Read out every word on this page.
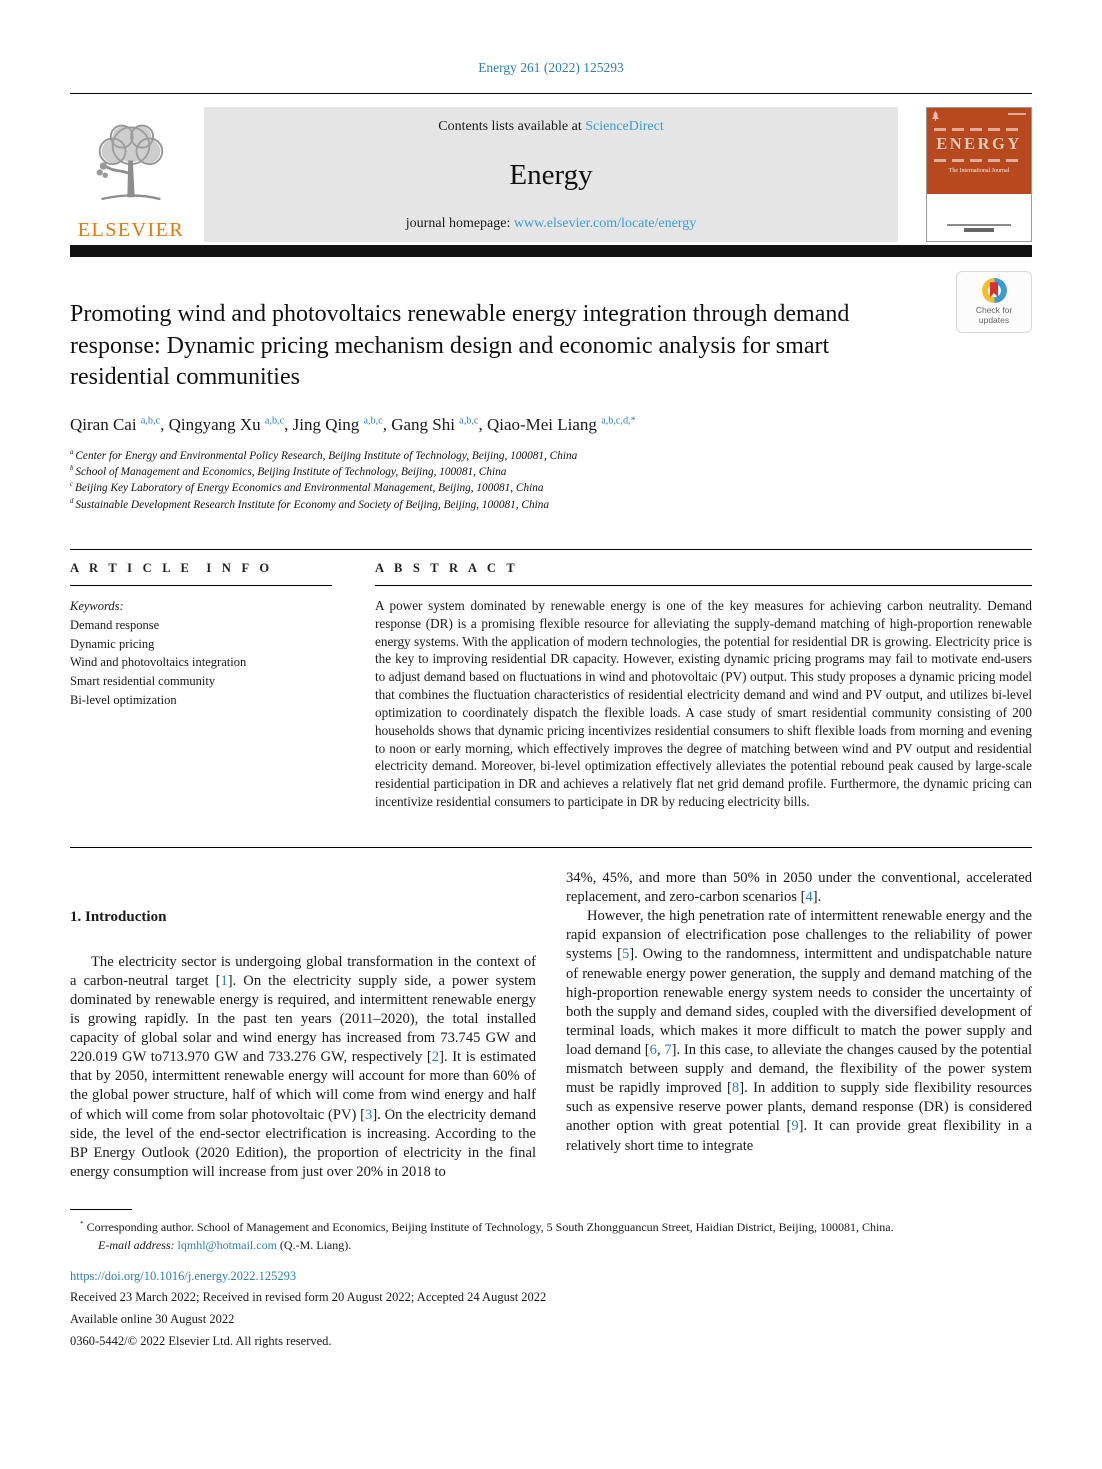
Energy 261 (2022) 125293
ELSEVIER
Contents lists available at ScienceDirect
Energy
journal homepage: www.elsevier.com/locate/energy
ENERGY
The International Journal
Promoting wind and photovoltaics renewable energy integration through demand response: Dynamic pricing mechanism design and economic analysis for smart residential communities
Check for updates
Qiran Cai $^{a,b,c}$, Qingyang Xu $^{a,b,c}$, Jing Qing $^{a,b,c}$, Gang Shi $^{a,b,c}$, Qiao-Mei Liang $^{a,b,c,d,*}$
$^a$ Center for Energy and Environmental Policy Research, Beijing Institute of Technology, Beijing, 100081, China
$^b$ School of Management and Economics, Beijing Institute of Technology, Beijing, 100081, China
$^c$ Beijing Key Laboratory of Energy Economics and Environmental Management, Beijing, 100081, China
$^d$ Sustainable Development Research Institute for Economy and Society of Beijing, Beijing, 100081, China
A R T I C L E  I N F O
Keywords:
Demand response
Dynamic pricing
Wind and photovoltaics integration
Smart residential community
Bi-level optimization
A B S T R A C T
A power system dominated by renewable energy is one of the key measures for achieving carbon neutrality. Demand response (DR) is a promising flexible resource for alleviating the supply-demand matching of high-proportion renewable energy systems. With the application of modern technologies, the potential for residential DR is growing. Electricity price is the key to improving residential DR capacity. However, existing dynamic pricing programs may fail to motivate end-users to adjust demand based on fluctuations in wind and photovoltaic (PV) output. This study proposes a dynamic pricing model that combines the fluctuation characteristics of residential electricity demand and wind and PV output, and utilizes bi-level optimization to coordinately dispatch the flexible loads. A case study of smart residential community consisting of 200 households shows that dynamic pricing incentivizes residential consumers to shift flexible loads from morning and evening to noon or early morning, which effectively improves the degree of matching between wind and PV output and residential electricity demand. Moreover, bi-level optimization effectively alleviates the potential rebound peak caused by large-scale residential participation in DR and achieves a relatively flat net grid demand profile. Furthermore, the dynamic pricing can incentivize residential consumers to participate in DR by reducing electricity bills.
1. Introduction

The electricity sector is undergoing global transformation in the context of a carbon-neutral target [1]. On the electricity supply side, a power system dominated by renewable energy is required, and intermittent renewable energy is growing rapidly. In the past ten years (2011–2020), the total installed capacity of global solar and wind energy has increased from 73.745 GW and 220.019 GW to713.970 GW and 733.276 GW, respectively [2]. It is estimated that by 2050, intermittent renewable energy will account for more than 60% of the global power structure, half of which will come from wind energy and half of which will come from solar photovoltaic (PV) [3]. On the electricity demand side, the level of the end-sector electrification is increasing. According to the BP Energy Outlook (2020 Edition), the proportion of electricity in the final energy consumption will increase from just over 20% in 2018 to

34%, 45%, and more than 50% in 2050 under the conventional, accelerated replacement, and zero-carbon scenarios [4].

However, the high penetration rate of intermittent renewable energy and the rapid expansion of electrification pose challenges to the reliability of power systems [5]. Owing to the randomness, intermittent and undispatchable nature of renewable energy power generation, the supply and demand matching of the high-proportion renewable energy system needs to consider the uncertainty of both the supply and demand sides, coupled with the diversified development of terminal loads, which makes it more difficult to match the power supply and load demand [6, 7]. In this case, to alleviate the changes caused by the potential mismatch between supply and demand, the flexibility of the power system must be rapidly improved [8]. In addition to supply side flexibility resources such as expensive reserve power plants, demand response (DR) is considered another option with great potential [9]. It can provide great flexibility in a relatively short time to integrate

* Corresponding author. School of Management and Economics, Beijing Institute of Technology, 5 South Zhongguancun Street, Haidian District, Beijing, 100081, China.

E-mail address: lqmhl@hotmail.com (Q.-M. Liang).

https://doi.org/10.1016/j.energy.2022.125293
Received 23 March 2022; Received in revised form 20 August 2022; Accepted 24 August 2022
Available online 30 August 2022
0360-5442/© 2022 Elsevier Ltd. All rights reserved.
